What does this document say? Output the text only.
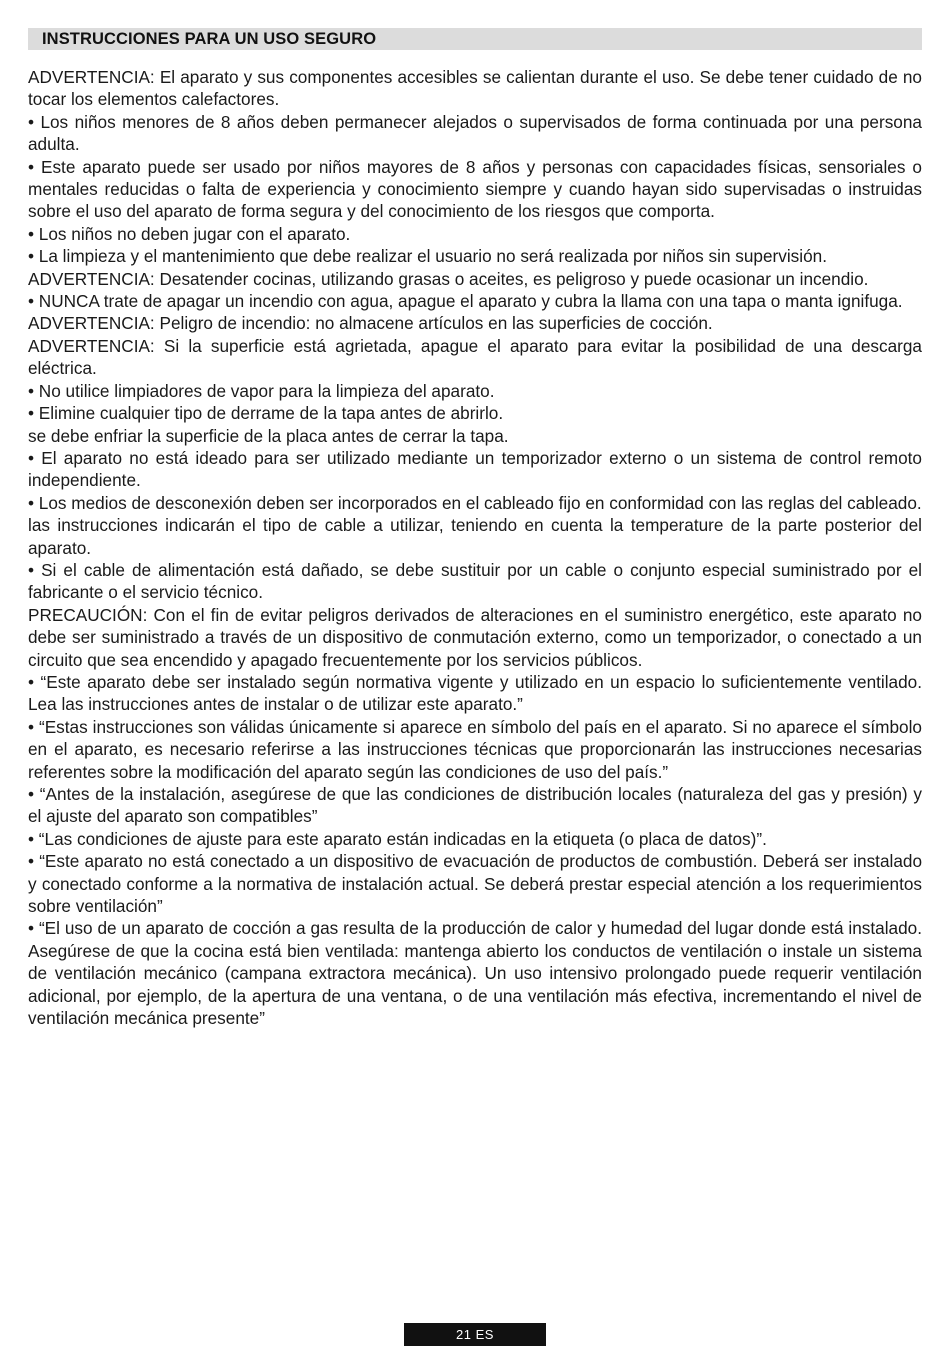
INSTRUCCIONES PARA UN USO SEGURO

ADVERTENCIA: El aparato y sus componentes accesibles se calientan durante el uso. Se debe tener cuidado de no tocar los elementos calefactores.

• Los niños menores de 8 años deben permanecer alejados o supervisados de forma continuada por una persona adulta.

• Este aparato puede ser usado por niños mayores de 8 años y personas con capacidades físicas, sensoriales o mentales reducidas o falta de experiencia y conocimiento siempre y cuando hayan sido supervisadas o instruidas sobre el uso del aparato de forma segura y del conocimiento de los riesgos que comporta.

• Los niños no deben jugar con el aparato.

• La limpieza y el mantenimiento que debe realizar el usuario no será realizada por niños sin supervisión.

ADVERTENCIA: Desatender cocinas, utilizando grasas o aceites, es peligroso y puede ocasionar un incendio.

• NUNCA trate de apagar un incendio con agua, apague el aparato y cubra la llama con una tapa o manta ignifuga.

ADVERTENCIA: Peligro de incendio: no almacene artículos en las superficies de cocción.

ADVERTENCIA: Si la superficie está agrietada, apague el aparato para evitar la posibilidad de una descarga eléctrica.

• No utilice limpiadores de vapor para la limpieza del aparato.

• Elimine cualquier tipo de derrame de la tapa antes de abrirlo.

se debe enfriar la superficie de la placa antes de cerrar la tapa.

• El aparato no está ideado para ser utilizado mediante un temporizador externo o un sistema de control remoto independiente.

• Los medios de desconexión deben ser incorporados en el cableado fijo en conformidad con las reglas del cableado.

las instrucciones indicarán el tipo de cable a utilizar, teniendo en cuenta la temperature de la parte posterior del aparato.

• Si el cable de alimentación está dañado, se debe sustituir por un cable o conjunto especial suministrado por el fabricante o el servicio técnico.

PRECAUCIÓN: Con el fin de evitar peligros derivados de alteraciones en el suministro energético, este aparato no debe ser suministrado a través de un dispositivo de conmutación externo, como un temporizador, o conectado a un circuito que sea encendido y apagado frecuentemente por los servicios públicos.

• “Este aparato debe ser instalado según normativa vigente y utilizado en un espacio lo suficientemente ventilado. Lea las instrucciones antes de instalar o de utilizar este aparato.”

• “Estas instrucciones son válidas únicamente si aparece en símbolo del país en el aparato. Si no aparece el símbolo en el aparato, es necesario referirse a las instrucciones técnicas que proporcionarán las instrucciones necesarias referentes sobre la modificación del aparato según las condiciones de uso del país.”

• “Antes de la instalación, asegúrese de que las condiciones de distribución locales (naturaleza del gas y presión) y el ajuste del aparato son compatibles”

• “Las condiciones de ajuste para este aparato están indicadas en la etiqueta (o placa de datos)”.

• “Este aparato no está conectado a un dispositivo de evacuación de productos de combustión. Deberá ser instalado y conectado conforme a la normativa de instalación actual. Se deberá prestar especial atención a los requerimientos sobre ventilación”

• “El uso de un aparato de cocción a gas resulta de la producción de calor y humedad del lugar donde está instalado. Asegúrese de que la cocina está bien ventilada: mantenga abierto los conductos de ventilación o instale un sistema de ventilación mecánico (campana extractora mecánica). Un uso intensivo prolongado puede requerir ventilación adicional, por ejemplo, de la apertura de una ventana, o de una ventilación más efectiva, incrementando el nivel de ventilación mecánica presente”

21 ES
